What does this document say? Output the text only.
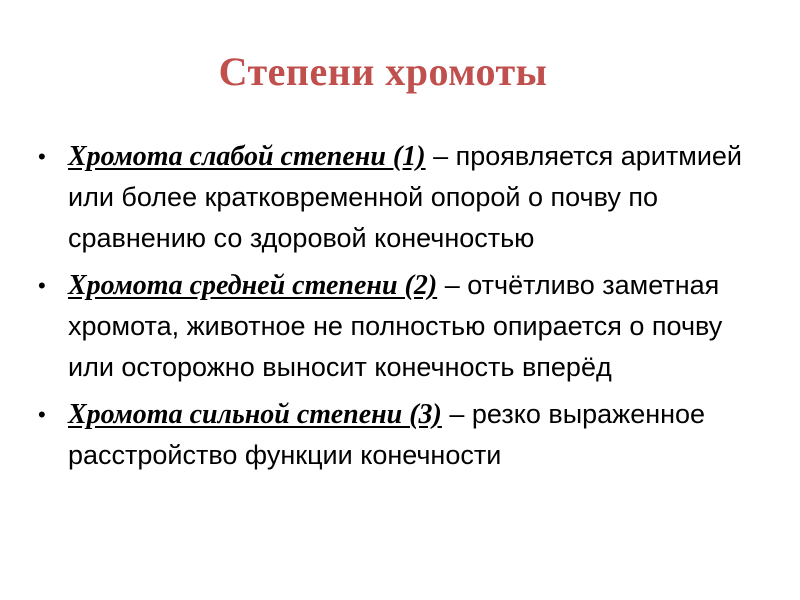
Степени хромоты
• Хромота слабой степени (1) – проявляется аритмией или более кратковременной опорой о почву по сравнению со здоровой конечностью
• Хромота средней степени (2) – отчётливо заметная хромота, животное не полностью опирается о почву или осторожно выносит конечность вперёд
• Хромота сильной степени (3) – резко выраженное расстройство функции конечности
